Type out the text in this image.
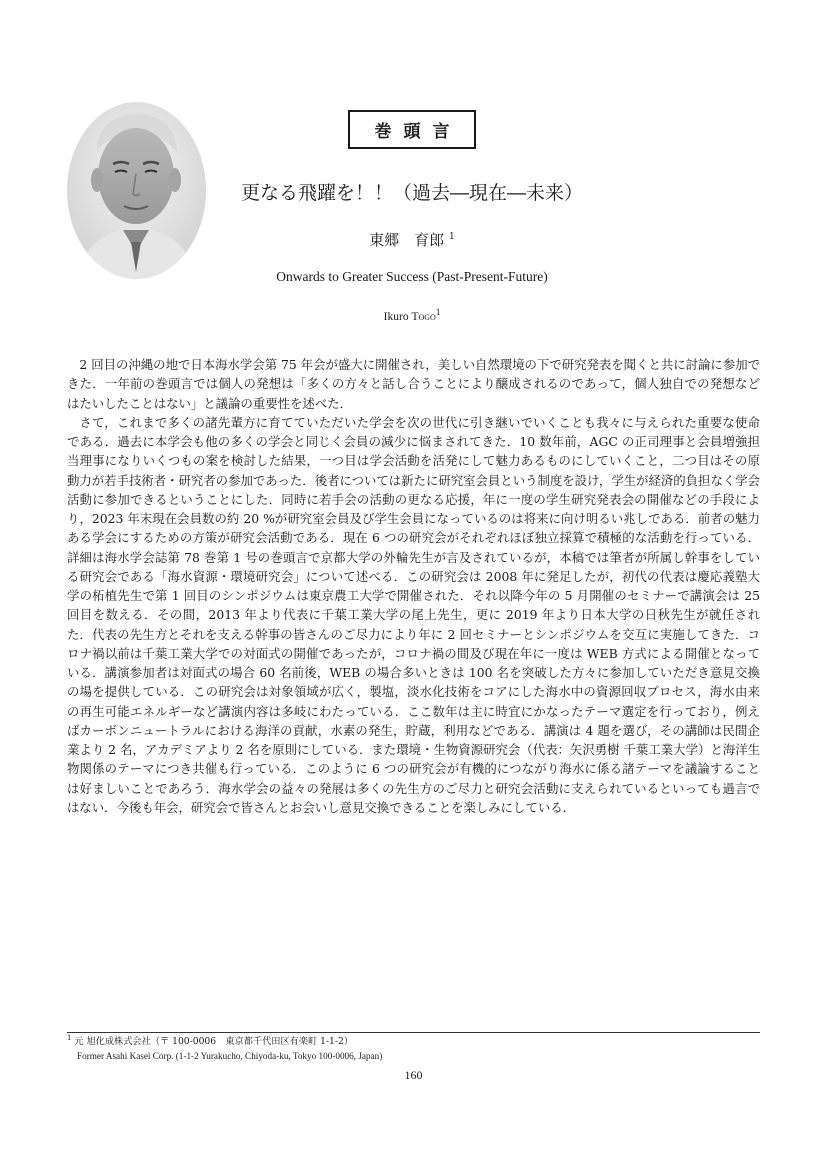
巻頭言
更なる飛躍を！！（過去―現在―未来）
東郷　育郎 $^1$
Onwards to Greater Success (Past-Present-Future)
Ikuro Togo$^1$

2 回目の沖縄の地で日本海水学会第 75 年会が盛大に開催され，美しい自然環境の下で研究発表を聞くと共に討論に参加できた．一年前の巻頭言では個人の発想は「多くの方々と話し合うことにより醸成されるのであって，個人独自での発想などはたいしたことはない」と議論の重要性を述べた．

さて，これまで多くの諸先輩方に育てていただいた学会を次の世代に引き継いでいくことも我々に与えられた重要な使命である．過去に本学会も他の多くの学会と同じく会員の減少に悩まされてきた．10 数年前，AGC の正司理事と会員増強担当理事になりいくつもの案を検討した結果，一つ目は学会活動を活発にして魅力あるものにしていくこと，二つ目はその原動力が若手技術者・研究者の参加であった．後者については新たに研究室会員という制度を設け，学生が経済的負担なく学会活動に参加できるということにした．同時に若手会の活動の更なる応援，年に一度の学生研究発表会の開催などの手段により，2023 年末現在会員数の約 20 %が研究室会員及び学生会員になっているのは将来に向け明るい兆しである．前者の魅力ある学会にするための方策が研究会活動である．現在 6 つの研究会がそれぞれほぼ独立採算で積極的な活動を行っている．詳細は海水学会誌第 78 巻第 1 号の巻頭言で京都大学の外輪先生が言及されているが，本稿では筆者が所属し幹事をしている研究会である「海水資源・環境研究会」について述べる．この研究会は 2008 年に発足したが，初代の代表は慶応義塾大学の柘植先生で第 1 回目のシンポジウムは東京農工大学で開催された．それ以降今年の 5 月開催のセミナーで講演会は 25 回目を数える．その間，2013 年より代表に千葉工業大学の尾上先生，更に 2019 年より日本大学の日秋先生が就任された．代表の先生方とそれを支える幹事の皆さんのご尽力により年に 2 回セミナーとシンポジウムを交互に実施してきた．コロナ禍以前は千葉工業大学での対面式の開催であったが，コロナ禍の間及び現在年に一度は WEB 方式による開催となっている．講演参加者は対面式の場合 60 名前後，WEB の場合多いときは 100 名を突破した方々に参加していただき意見交換の場を提供している．この研究会は対象領域が広く，製塩，淡水化技術をコアにした海水中の資源回収プロセス，海水由来の再生可能エネルギーなど講演内容は多岐にわたっている．ここ数年は主に時宜にかなったテーマ選定を行っており，例えばカーボンニュートラルにおける海洋の貢献，水素の発生，貯蔵，利用などである．講演は 4 題を選び，その講師は民間企業より 2 名，アカデミアより 2 名を原則にしている．また環境・生物資源研究会（代表：矢沢勇樹 千葉工業大学）と海洋生物関係のテーマにつき共催も行っている．このように 6 つの研究会が有機的につながり海水に係る諸テーマを議論することは好ましいことであろう．海水学会の益々の発展は多くの先生方のご尽力と研究会活動に支えられているといっても過言ではない．今後も年会，研究会で皆さんとお会いし意見交換できることを楽しみにしている．

$^1$ 元 旭化成株式会社（〒 100-0006　東京都千代田区有楽町 1-1-2）
Former Asahi Kasei Corp. (1-1-2 Yurakucho, Chiyoda-ku, Tokyo 100-0006, Japan)
160
